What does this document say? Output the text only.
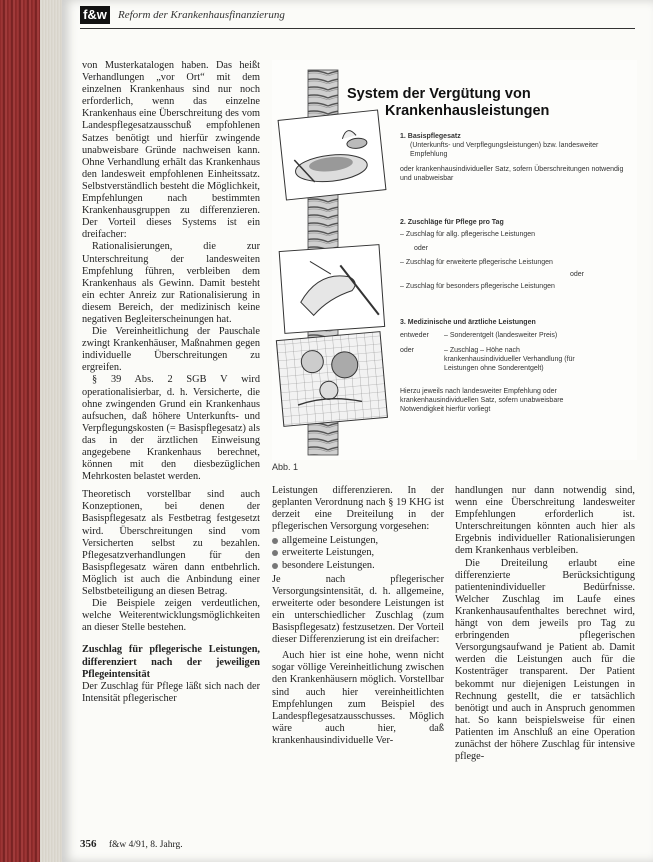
f&w Reform der Krankenhausfinanzierung

von Musterkatalogen haben. Das heißt Verhandlungen „vor Ort“ mit dem einzelnen Krankenhaus sind nur noch erforderlich, wenn das einzelne Krankenhaus eine Überschreitung des vom Landespflegesatzausschuß empfohlenen Satzes benötigt und hierfür zwingende unabweisbare Gründe nachweisen kann. Ohne Verhandlung erhält das Krankenhaus den landesweit empfohlenen Einheitssatz. Selbstverständlich besteht die Möglichkeit, Empfehlungen nach bestimmten Krankenhausgruppen zu differenzieren. Der Vorteil dieses Systems ist ein dreifacher:

Rationalisierungen, die zur Unterschreitung der landesweiten Empfehlung führen, verbleiben dem Krankenhaus als Gewinn. Damit besteht ein echter Anreiz zur Rationalisierung in diesem Bereich, der medizinisch keine negativen Begleiterscheinungen hat.

Die Vereinheitlichung der Pauschale zwingt Krankenhäuser, Maßnahmen gegen individuelle Überschreitungen zu ergreifen.

§ 39 Abs. 2 SGB V wird operationalisierbar, d. h. Versicherte, die ohne zwingenden Grund ein Krankenhaus aufsuchen, daß höhere Unterkunfts- und Verpflegungskosten (= Basispflegesatz) als das in der ärztlichen Einweisung angegebene Krankenhaus berechnet, können mit den diesbezüglichen Mehrkosten belastet werden.

Theoretisch vorstellbar sind auch Konzeptionen, bei denen der Basispflegesatz als Festbetrag festgesetzt wird. Überschreitungen sind vom Versicherten selbst zu bezahlen. Pflegesatzverhandlungen für den Basispflegesatz wären dann entbehrlich. Möglich ist auch die Anbindung einer Selbstbeteiligung an diesen Betrag.

Die Beispiele zeigen verdeutlichen, welche Weiterentwicklungsmöglichkeiten an dieser Stelle bestehen.

Zuschlag für pflegerische Leistungen, differenziert nach der jeweiligen Pflegeintensität

Der Zuschlag für Pflege läßt sich nach der Intensität pflegerischer

System der Vergütung von
Krankenhausleistungen
1. Basispflegesatz
(Unterkunfts- und Verpflegungsleistungen) bzw. landesweiter Empfehlung
oder krankenhausindividueller Satz, sofern Überschreitungen notwendig und unabweisbar
2. Zuschläge für Pflege pro Tag
– Zuschlag für allg. pflegerische Leistungen
oder
– Zuschlag für erweiterte pflegerische Leistungen
oder
– Zuschlag für besonders pflegerische Leistungen
3. Medizinische und ärztliche Leistungen
entweder	– Sonderentgelt (landesweiter Preis)
oder	– Zuschlag – Höhe nach krankenhausindividueller Verhandlung (für Leistungen ohne Sonderentgelt)
Hierzu jeweils nach landesweiter Empfehlung oder krankenhausindividuellen Satz, sofern unabweisbare Notwendigkeit hierfür vorliegt
Abb. 1

Leistungen differenzieren. In der geplanten Verordnung nach § 19 KHG ist derzeit eine Dreiteilung in der pflegerischen Versorgung vorgesehen:

allgemeine Leistungen,
erweiterte Leistungen,
besondere Leistungen.

Je nach pflegerischer Versorgungsintensität, d. h. allgemeine, erweiterte oder besondere Leistungen ist ein unterschiedlicher Zuschlag (zum Basispflegesatz) festzusetzen. Der Vorteil dieser Differenzierung ist ein dreifacher:

Auch hier ist eine hohe, wenn nicht sogar völlige Vereinheitlichung zwischen den Krankenhäusern möglich. Vorstellbar sind auch hier vereinheitlichten Empfehlungen zum Beispiel des Landespflegesatzausschusses. Möglich wäre auch hier, daß krankenhausindividuelle Ver-

handlungen nur dann notwendig sind, wenn eine Überschreitung landesweiter Empfehlungen erforderlich ist. Unterschreitungen könnten auch hier als Ergebnis individueller Rationalisierungen dem Krankenhaus verbleiben.

Die Dreiteilung erlaubt eine differenzierte Berücksichtigung patientenindividueller Bedürfnisse. Welcher Zuschlag im Laufe eines Krankenhausaufenthaltes berechnet wird, hängt von dem jeweils pro Tag zu erbringenden pflegerischen Versorgungsaufwand je Patient ab. Damit werden die Leistungen auch für die Kostenträger transparent. Der Patient bekommt nur diejenigen Leistungen in Rechnung gestellt, die er tatsächlich benötigt und auch in Anspruch genommen hat. So kann beispielsweise für einen Patienten im Anschluß an eine Operation zunächst der höhere Zuschlag für intensive pflege-

356 f&w 4/91, 8. Jahrg.
